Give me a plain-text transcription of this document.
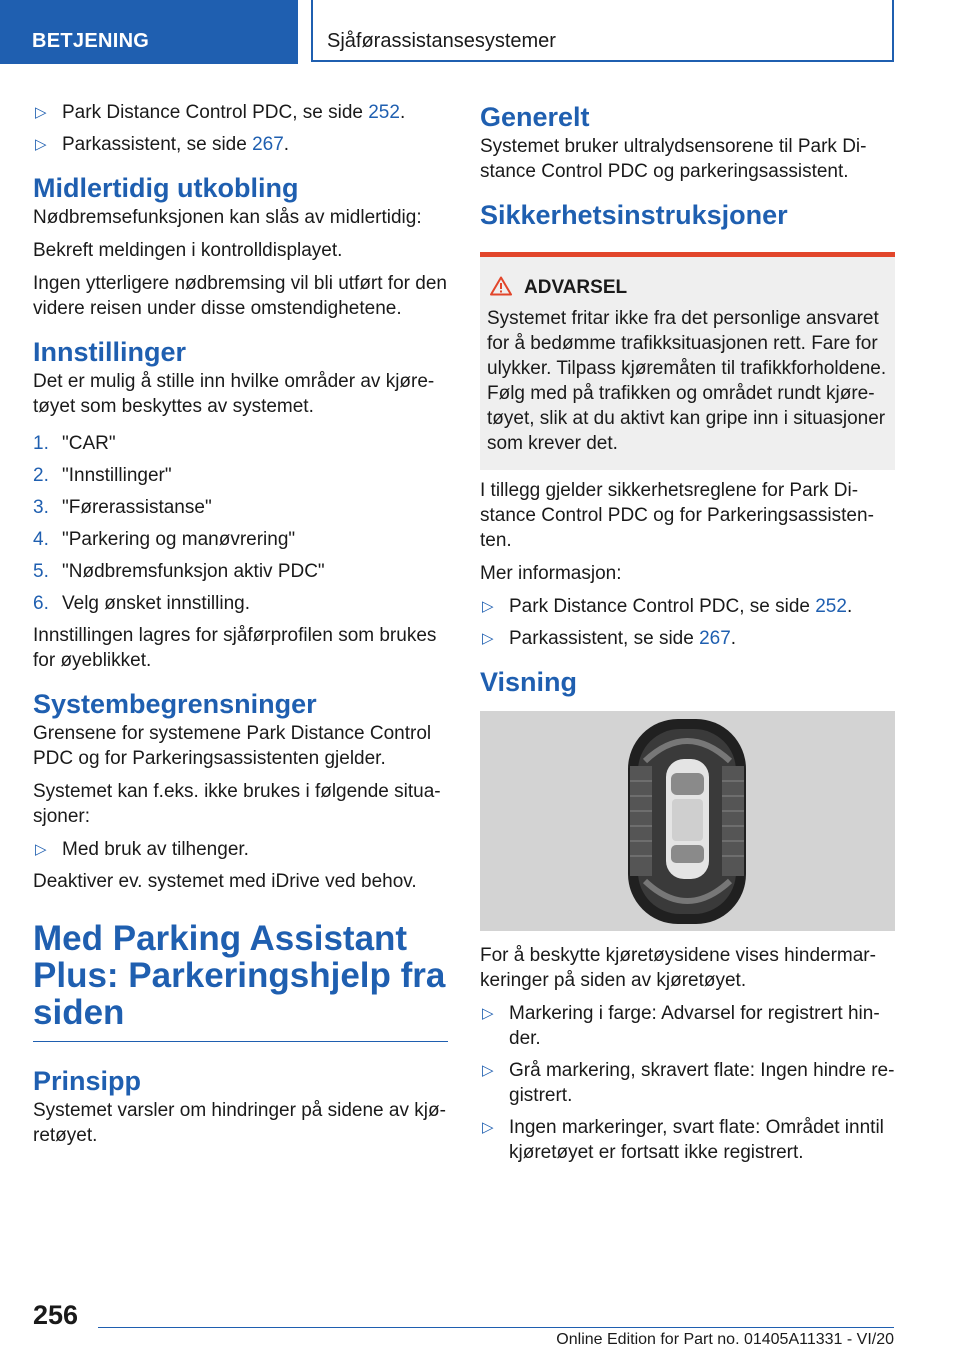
BETJENING	Sjåførassistansesystemer
▷ Park Distance Control PDC, se side 252.
▷ Parkassistent, se side 267.
Midlertidig utkobling

Nødbremsefunksjonen kan slås av midlertidig:

Bekreft meldingen i kontrolldisplayet.

Ingen ytterligere nødbremsing vil bli utført for den videre reisen under disse omstendighetene.

Innstillinger

Det er mulig å stille inn hvilke områder av kjøretøyet som beskyttes av systemet.

1. "CAR"
2. "Innstillinger"
3. "Førerassistanse"
4. "Parkering og manøvrering"
5. "Nødbremsfunksjon aktiv PDC"
6. Velg ønsket innstilling.

Innstillingen lagres for sjåførprofilen som brukes for øyeblikket.

Systembegrensninger

Grensene for systemene Park Distance Control PDC og for Parkeringsassistenten gjelder.

Systemet kan f.eks. ikke brukes i følgende situasjoner:

▷ Med bruk av tilhenger.

Deaktiver ev. systemet med iDrive ved behov.

Med Parking Assistant Plus: Parkeringshjelp fra siden
Prinsipp

Systemet varsler om hindringer på sidene av kjøretøyet.

Generelt

Systemet bruker ultralydsensorene til Park Distance Control PDC og parkeringsassistent.

Sikkerhetsinstruksjoner
ADVARSEL

Systemet fritar ikke fra det personlige ansvaret for å bedømme trafikksituasjonen rett. Fare for ulykker. Tilpass kjøremåten til trafikkforholdene. Følg med på trafikken og området rundt kjøretøyet, slik at du aktivt kan gripe inn i situasjoner som krever det.

I tillegg gjelder sikkerhetsreglene for Park Distance Control PDC og for Parkeringsassistenten.

Mer informasjon:

▷ Park Distance Control PDC, se side 252.
▷ Parkassistent, se side 267.
Visning

For å beskytte kjøretøysidene vises hindermarkeringer på siden av kjøretøyet.

▷ Markering i farge: Advarsel for registrert hinder.
▷ Grå markering, skravert flate: Ingen hindre registrert.
▷ Ingen markeringer, svart flate: Området inntil kjøretøyet er fortsatt ikke registrert.
256
Online Edition for Part no. 01405A11331 - VI/20
